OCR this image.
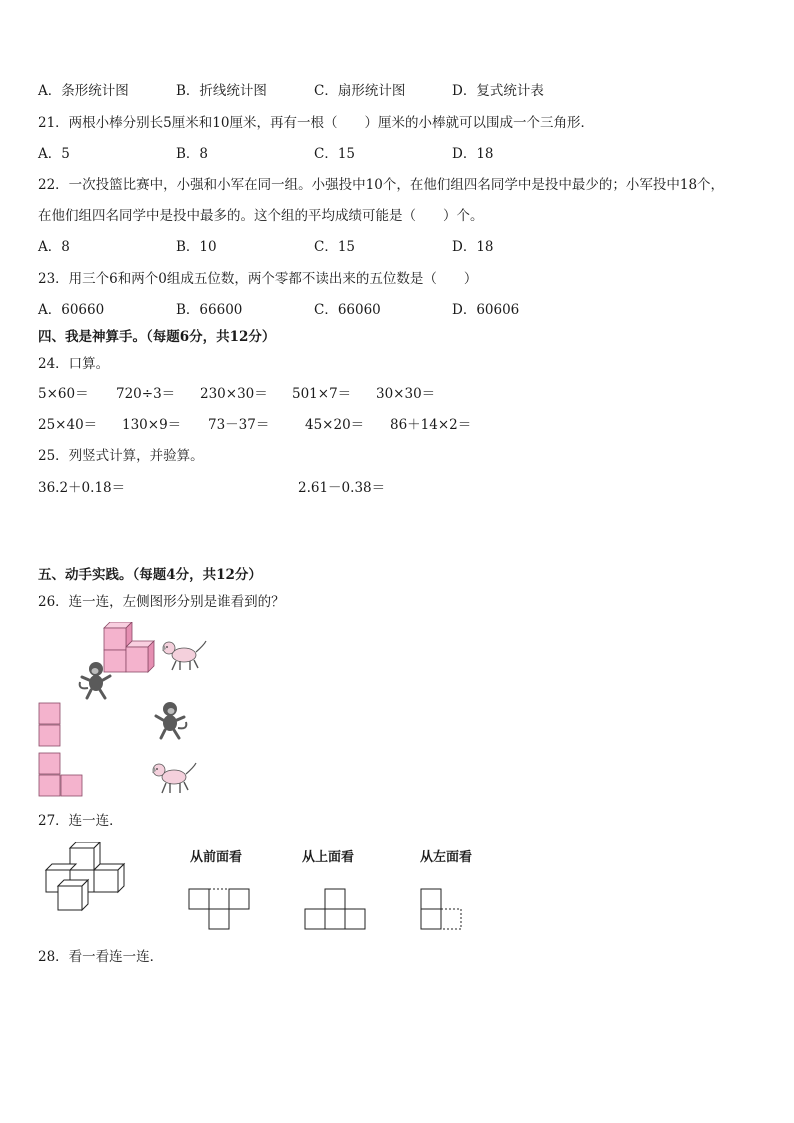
A．条形统计图	B．折线统计图	C．扇形统计图	D．复式统计表
21．两根小棒分别长5厘米和10厘米，再有一根（　　）厘米的小棒就可以围成一个三角形．
A．5	B．8	C．15	D．18
22．一次投篮比赛中，小强和小军在同一组。小强投中10个，在他们组四名同学中是投中最少的；小军投中18个，
在他们组四名同学中是投中最多的。这个组的平均成绩可能是（　　）个。
A．8	B．10	C．15	D．18
23．用三个6和两个0组成五位数，两个零都不读出来的五位数是（　　）
A．60660	B．66600	C．66060	D．60606
四、我是神算手。（每题6分，共12分）
24．口算。
5×60＝ 720÷3＝ 230×30＝ 501×7＝ 30×30＝
25×40＝ 130×9＝ 73－37＝	45×20＝ 86＋14×2＝
25．列竖式计算，并验算。
36.2＋0.18＝	2.61－0.38＝
五、动手实践。（每题4分，共12分）
26．连一连，左侧图形分别是谁看到的？
27．连一连．
从前面看	从上面看	从左面看
28．看一看连一连．
